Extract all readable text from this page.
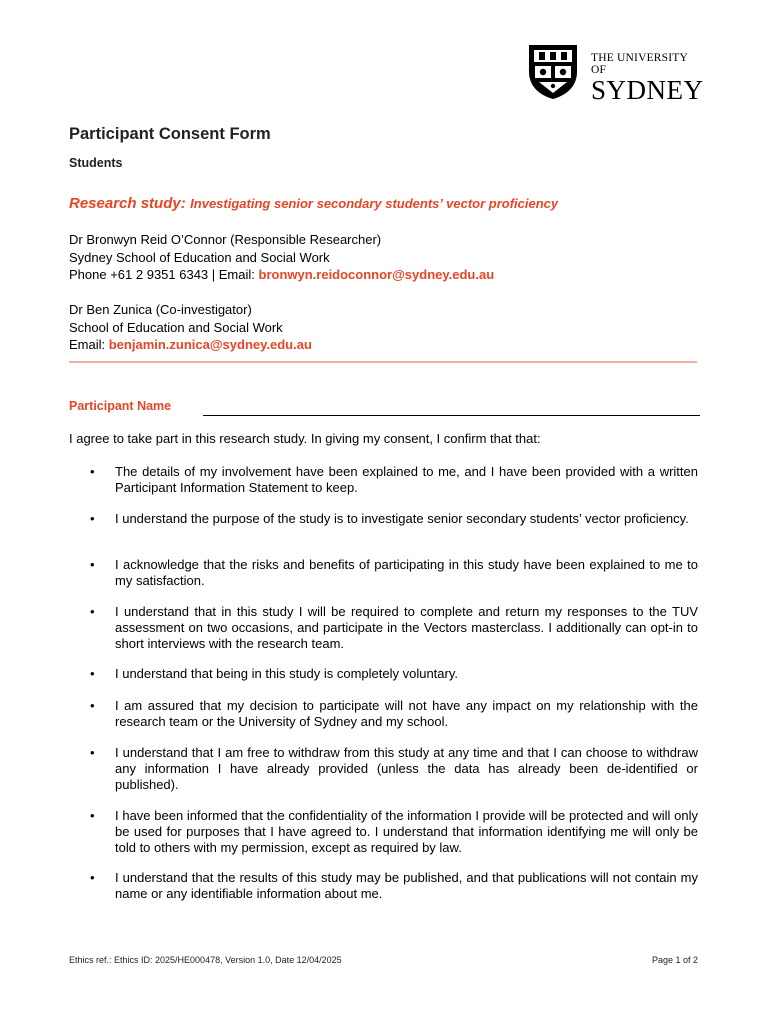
THE UNIVERSITY OF
SYDNEY
Participant Consent Form
Students
Research study: Investigating senior secondary students’ vector proficiency
Dr Bronwyn Reid O’Connor (Responsible Researcher)
Sydney School of Education and Social Work
Phone +61 2 9351 6343 | Email: bronwyn.reidoconnor@sydney.edu.au
Dr Ben Zunica (Co-investigator)
School of Education and Social Work
Email: benjamin.zunica@sydney.edu.au
Participant Name
I agree to take part in this research study. In giving my consent, I confirm that that:
• The details of my involvement have been explained to me, and I have been provided with a written Participant Information Statement to keep.
• I understand the purpose of the study is to investigate senior secondary students’ vector proficiency.
• I acknowledge that the risks and benefits of participating in this study have been explained to me to my satisfaction.
• I understand that in this study I will be required to complete and return my responses to the TUV assessment on two occasions, and participate in the Vectors masterclass. I additionally can opt-in to short interviews with the research team.
• I understand that being in this study is completely voluntary.
• I am assured that my decision to participate will not have any impact on my relationship with the research team or the University of Sydney and my school.
• I understand that I am free to withdraw from this study at any time and that I can choose to withdraw any information I have already provided (unless the data has already been de-identified or published).
• I have been informed that the confidentiality of the information I provide will be protected and will only be used for purposes that I have agreed to. I understand that information identifying me will only be told to others with my permission, except as required by law.
• I understand that the results of this study may be published, and that publications will not contain my name or any identifiable information about me.
Ethics ref.: Ethics ID: 2025/HE000478, Version 1.0, Date 12/04/2025	Page 1 of 2
